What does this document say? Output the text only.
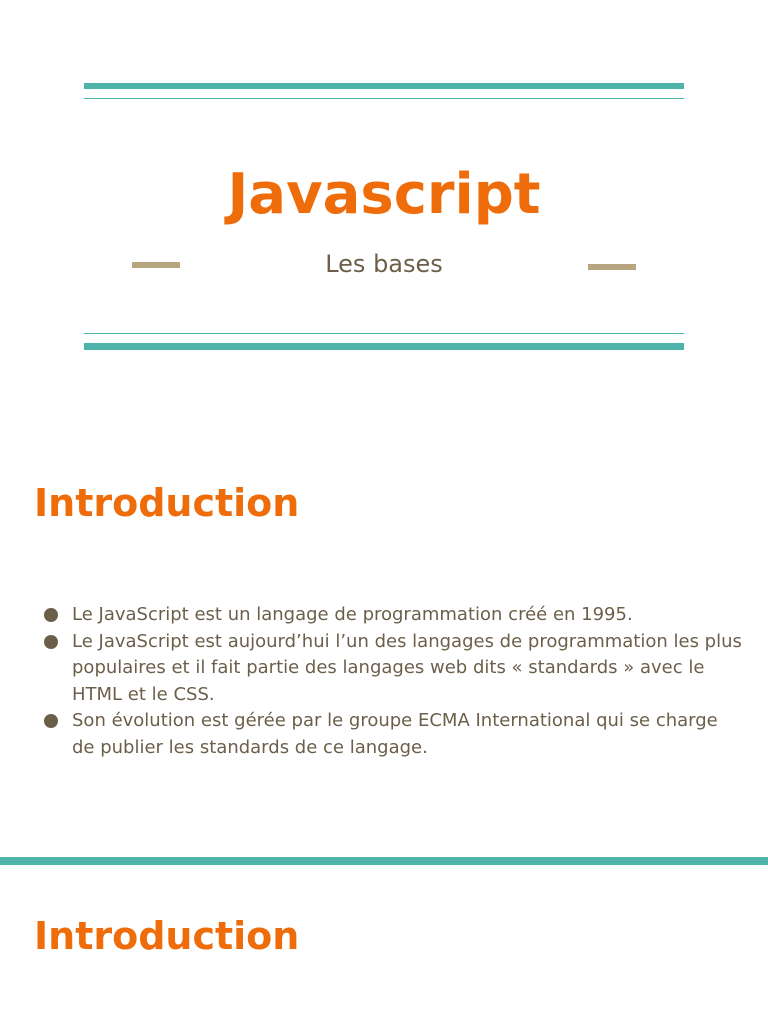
Javascript
Les bases
Introduction
Le JavaScript est un langage de programmation créé en 1995.
Le JavaScript est aujourd’hui l’un des langages de programmation les plus populaires et il fait partie des langages web dits « standards » avec le HTML et le CSS.
Son évolution est gérée par le groupe ECMA International qui se charge de publier les standards de ce langage.
Introduction
